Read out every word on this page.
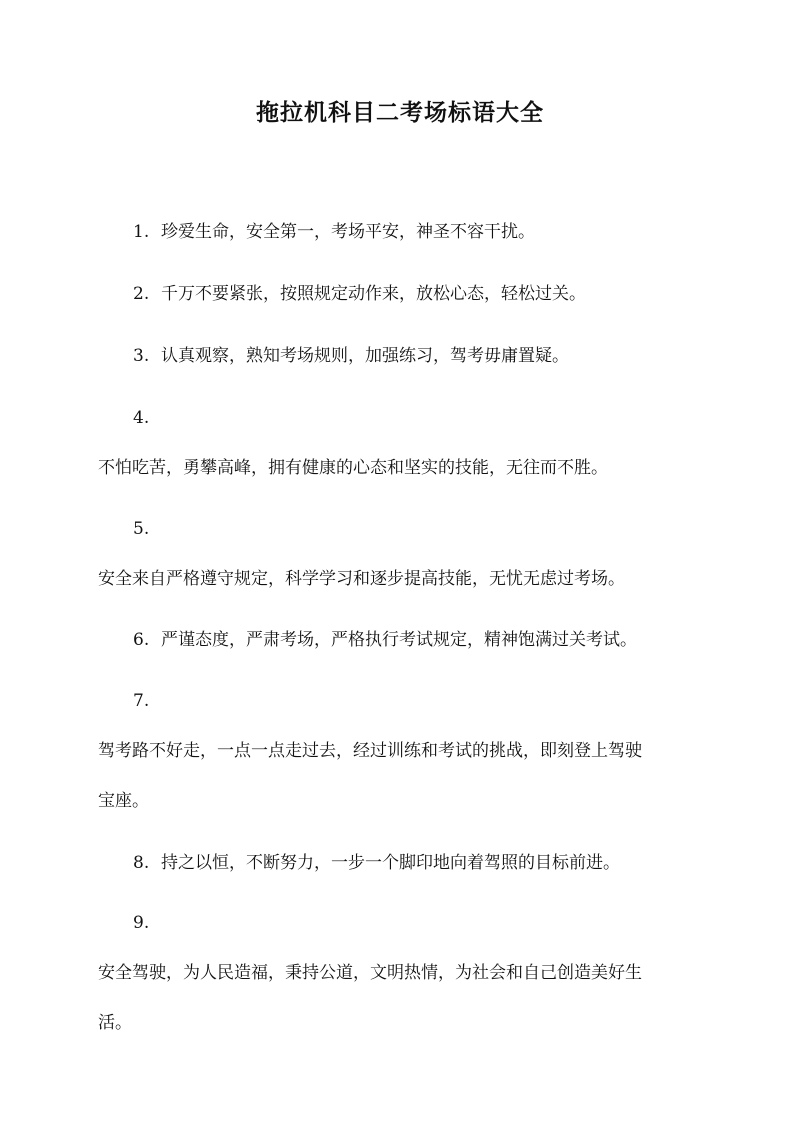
拖拉机科目二考场标语大全
1. 珍爱生命，安全第一，考场平安，神圣不容干扰。
2. 千万不要紧张，按照规定动作来，放松心态，轻松过关。
3. 认真观察，熟知考场规则，加强练习，驾考毋庸置疑。
4.
不怕吃苦，勇攀高峰，拥有健康的心态和坚实的技能，无往而不胜。
5.
安全来自严格遵守规定，科学学习和逐步提高技能，无忧无虑过考场。
6. 严谨态度，严肃考场，严格执行考试规定，精神饱满过关考试。
7.
驾考路不好走，一点一点走过去，经过训练和考试的挑战，即刻登上驾驶
宝座。
8. 持之以恒，不断努力，一步一个脚印地向着驾照的目标前进。
9.
安全驾驶，为人民造福，秉持公道，文明热情，为社会和自己创造美好生
活。
